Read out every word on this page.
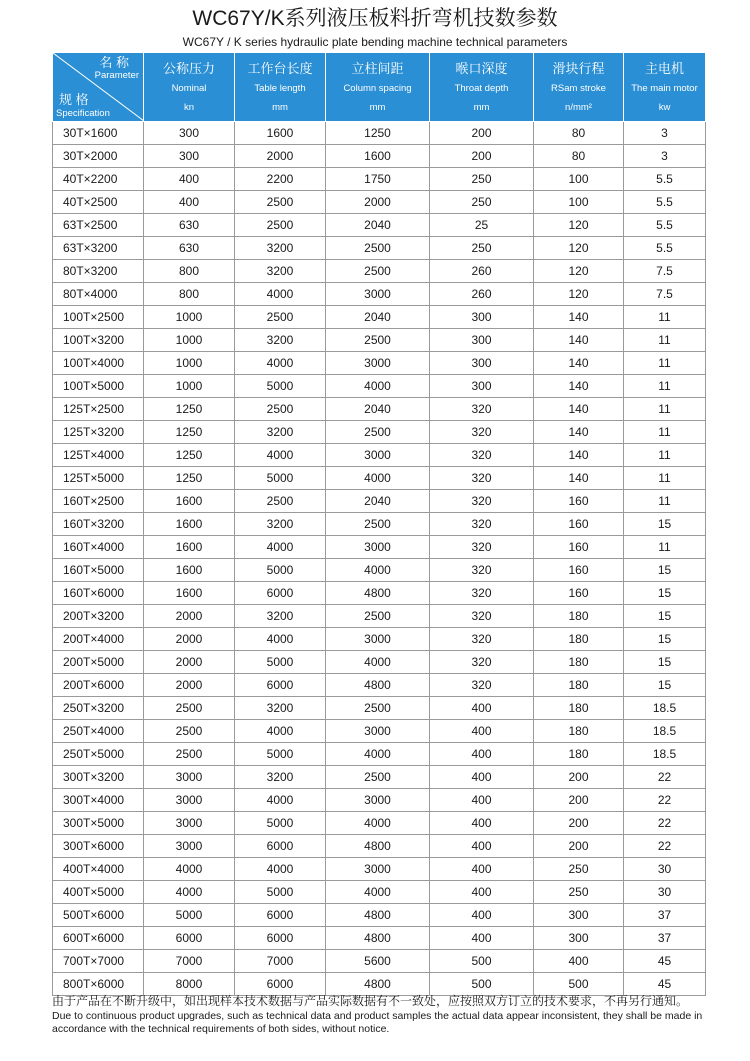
WC67Y/K系列液压板料折弯机技数参数
WC67Y / K series hydraulic plate bending machine technical parameters
名 称
Parameter
规 格
Specification	公称压力
Nominal
kn	工作台长度
Table length
mm	立柱间距
Column spacing
mm	喉口深度
Throat depth
mm	滑块行程
RSam stroke
n/mm²	主电机
The main motor
kw

30T×1600	300	1600	1250	200	80	3
30T×2000	300	2000	1600	200	80	3
40T×2200	400	2200	1750	250	100	5.5
40T×2500	400	2500	2000	250	100	5.5
63T×2500	630	2500	2040	25	120	5.5
63T×3200	630	3200	2500	250	120	5.5
80T×3200	800	3200	2500	260	120	7.5
80T×4000	800	4000	3000	260	120	7.5
100T×2500	1000	2500	2040	300	140	11
100T×3200	1000	3200	2500	300	140	11
100T×4000	1000	4000	3000	300	140	11
100T×5000	1000	5000	4000	300	140	11
125T×2500	1250	2500	2040	320	140	11
125T×3200	1250	3200	2500	320	140	11
125T×4000	1250	4000	3000	320	140	11
125T×5000	1250	5000	4000	320	140	11
160T×2500	1600	2500	2040	320	160	11
160T×3200	1600	3200	2500	320	160	15
160T×4000	1600	4000	3000	320	160	11
160T×5000	1600	5000	4000	320	160	15
160T×6000	1600	6000	4800	320	160	15
200T×3200	2000	3200	2500	320	180	15
200T×4000	2000	4000	3000	320	180	15
200T×5000	2000	5000	4000	320	180	15
200T×6000	2000	6000	4800	320	180	15
250T×3200	2500	3200	2500	400	180	18.5
250T×4000	2500	4000	3000	400	180	18.5
250T×5000	2500	5000	4000	400	180	18.5
300T×3200	3000	3200	2500	400	200	22
300T×4000	3000	4000	3000	400	200	22
300T×5000	3000	5000	4000	400	200	22
300T×6000	3000	6000	4800	400	200	22
400T×4000	4000	4000	3000	400	250	30
400T×5000	4000	5000	4000	400	250	30
500T×6000	5000	6000	4800	400	300	37
600T×6000	6000	6000	4800	400	300	37
700T×7000	7000	7000	5600	500	400	45
800T×6000	8000	6000	4800	500	500	45
由于产品在不断升级中，如出现样本技术数据与产品实际数据有不一致处，应按照双方订立的技术要求，不再另行通知。
Due to continuous product upgrades, such as technical data and product samples the actual data appear inconsistent, they shall be made in accordance with the technical requirements of both sides, without notice.
